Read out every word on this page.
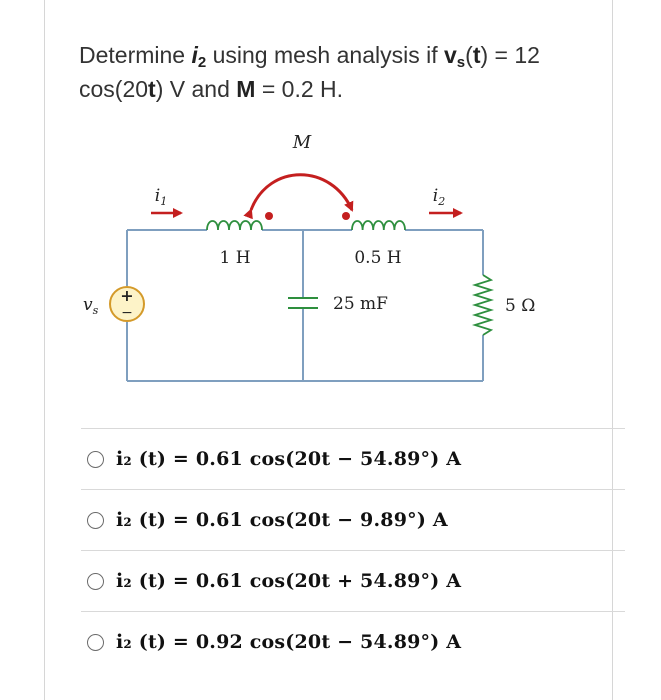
Determine $i_2$ using mesh analysis if $v_s(t) = 12$ cos(20t) V and M = 0.2 H.
M
$i_1$	$i_2$
+
−
$v_s$
1 H	0.5 H
25 mF	5 Ω
i₂ (t) = 0.61 cos(20t − 54.89°) A
i₂ (t) = 0.61 cos(20t − 9.89°) A
i₂ (t) = 0.61 cos(20t + 54.89°) A
i₂ (t) = 0.92 cos(20t − 54.89°) A
